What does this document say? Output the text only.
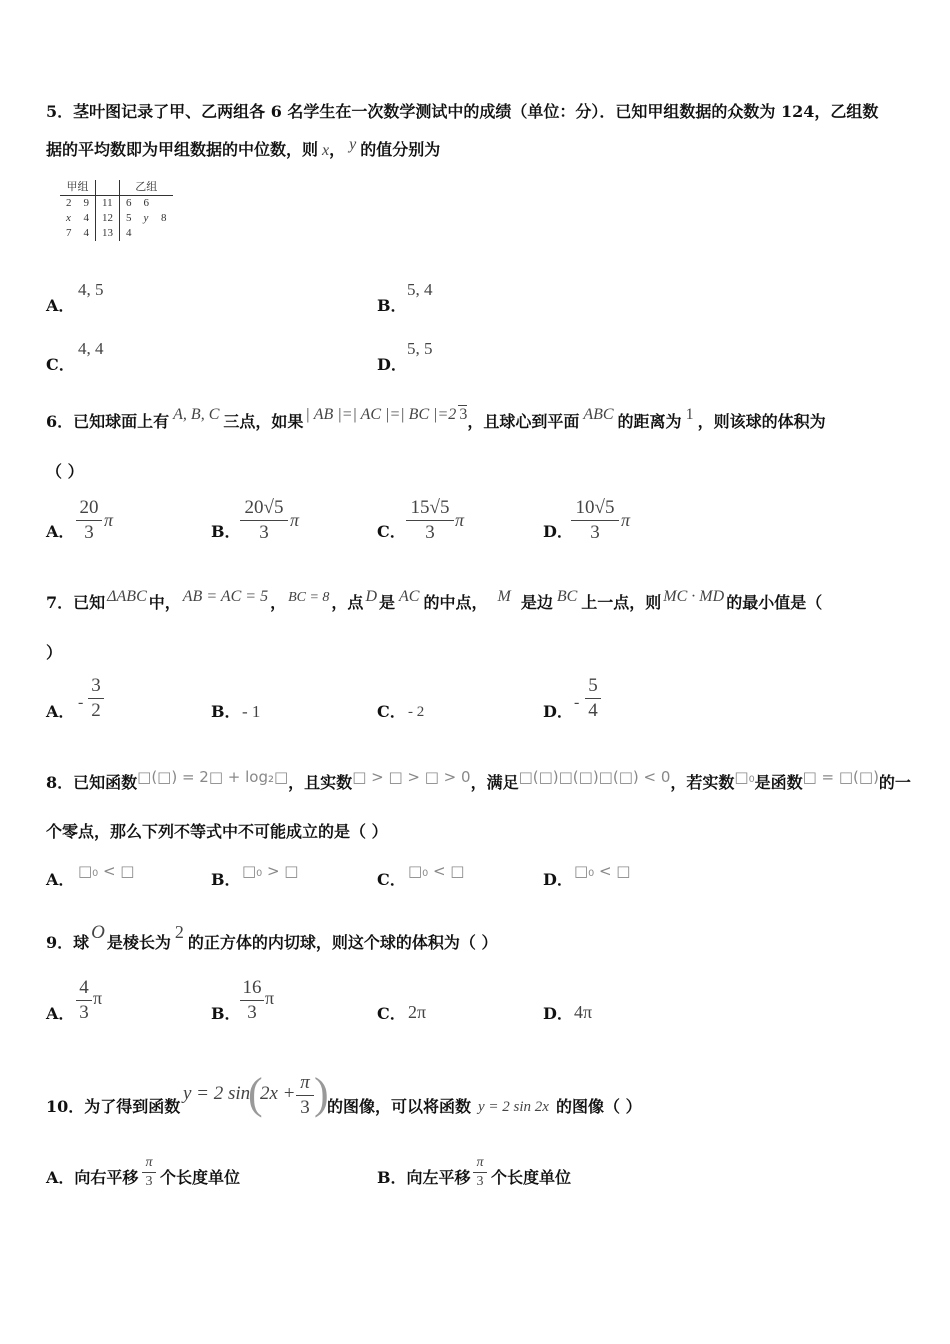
5．茎叶图记录了甲、乙两组各 6 名学生在一次数学测试中的成绩（单位：分）．已知甲组数据的众数为 124，乙组数
据的平均数即为甲组数据的中位数，则 x， y 的值分别为
甲组			乙组		
2	9	11	6	6	
x	4	12	5	y	8
7	4	13	4		
A．
4, 5
B．
5, 4
C．
4, 4
D．
5, 5
6．已知球面上有 A, B, C 三点，如果 | AB |=| AC |=| BC |=2 3，且球心到平面 ABC 的距离为 1 ，则该球的体积为
（ ）
A．
20
3
π
B．
20√5
3
π
C．
15√5
3
π
D．
10√5
3
π
7．已知 ΔABC 中， AB = AC = 5 ， BC = 8 ，点 D 是 AC 的中点， M 是边 BC 上一点，则 MC · MD 的最小值是（
）
A． -
3
2	B． - 1	C． - 2	D． -
5
4
8．已知函数□(□) = 2□ + log₂□，且实数□ > □ > □ > 0，满足□(□)□(□)□(□) < 0，若实数□₀是函数□ = □(□)的一
个零点，那么下列不等式中不可能成立的是（ ）
A． □₀ < □	B． □₀ > □	C． □₀ < □	D． □₀ < □
9．球 O 是棱长为2的正方体的内切球，则这个球的体积为（ ）
A．
4
3
π
B．
16
3
π
C． 2π	D． 4π
10．为了得到函数
y = 2 sin
(
2x +
π
3 )
的图像，可以将函数 y = 2 sin 2x 的图像（ ）
A．向右平移
π
3 个长度单位	B．向左平移
π
3 个长度单位
